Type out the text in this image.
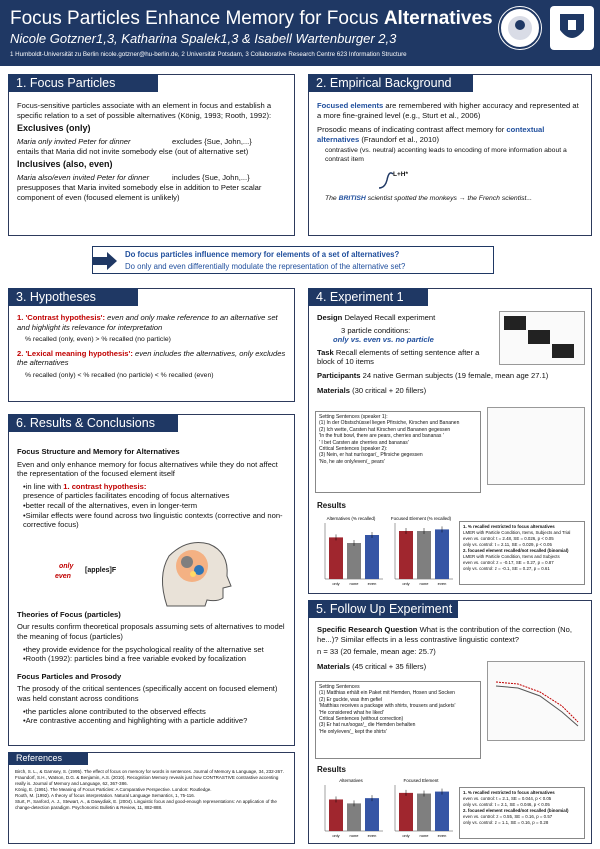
Focus Particles Enhance Memory for Focus Alternatives
Nicole Gotzner1,3, Katharina Spalek1,3 & Isabell Wartenburger 2,3
1 Humboldt-Universität zu Berlin nicole.gotzner@hu-berlin.de, 2 Universität Potsdam, 3 Collaborative Research Centre 623 Information Structure
1. Focus Particles

Focus-sensitive particles associate with an element in focus and establish a specific relation to a set of possible alternatives (König, 1993; Rooth, 1992):

Exclusives (only)

Maria only invited Peter for dinner	excludes {Sue, John,...}

entails that Maria did not invite somebody else (out of alternative set)

Inclusives (also, even)

Maria also/even invited Peter for dinner	includes {Sue, John,...}

presupposes that Maria invited somebody else in addition to Peter scalar component of even (focused element is unlikely)

2. Empirical Background

Focused elements are remembered with higher accuracy and represented at a more fine-grained level (e.g., Sturt et al., 2006)

Prosodic means of indicating contrast affect memory for contextual alternatives (Fraundorf et al., 2010)

contrastive (vs. neutral) accenting leads to encoding of more information about a contrast item

L+H*
The BRITISH scientist spotted the monkeys → the French scientist...
Do focus particles influence memory for elements of a set of alternatives?
Do only and even differentially modulate the representation of the alternative set?
3. Hypotheses

1. 'Contrast hypothesis': even and only make reference to an alternative set and highlight its relevance for interpretation

% recalled (only, even) > % recalled (no particle)

2. 'Lexical meaning hypothesis': even includes the alternatives, only excludes the alternatives

% recalled (only) < % recalled (no particle) < % recalled (even)

4. Experiment 1

Design Delayed Recall experiment

3 particle conditions:

only vs. even vs. no particle

Task Recall elements of setting sentence after a block of 10 items

Participants 24 native German subjects (19 female, mean age 27.1)

Materials (30 critical + 20 fillers)

Setting Sentences (speaker 1):
(1) In der Obstschüssel liegen Pfirsiche, Kirschen und Bananen
(2) Ich wette, Carsten hat Kirschen und Bananen gegessen
'In the fruit bowl, there are pears, cherries and bananas '
' I bet Carsten ate cherries and bananas'
Critical Sentences (speaker 2):
(3) Nein, er hat nur/sogar/_ Pfirsiche gegessen
'No, he ate only/even/_ pears'
Results
Alternatives (% recalled)
only none even
Focused Element (% recalled)
only none even
1. % recalled restricted to focus alternatives
LMER with Particle Condition, Items, Subjects and Trial
even vs. control: t = 2.48, SE = 0.026, p < 0.05
only vs. control: t = 2.11, SE = 0.029, p < 0.05
2. focused element recalled/not recalled (binomial)
LMER with Particle Condition, Items and Subjects
even vs. control: z = -0.17, SE = 0.27, p = 0.87
only vs. control: z = -0.1, SE = 0.27, p = 0.61
6. Results & Conclusions

Focus Structure and Memory for Alternatives

Even and only enhance memory for focus alternatives while they do not affect the representation of the focused element itself

• in line with 1. contrast hypothesis:
presence of particles facilitates encoding of focus alternatives
• better recall of the alternatives, even in longer-term
• Similar effects were found across two linguistic contexts (corrective and non-corrective focus)
only
even
[apples]F

Theories of Focus (particles)

Our results confirm theoretical proposals assuming sets of alternatives to model the meaning of focus (particles)

• they provide evidence for the psychological reality of the alternative set
• Rooth (1992): particles bind a free variable evoked by focalization

Focus Particles and Prosody

The prosody of the critical sentences (specifically accent on focused element) was held constant across conditions

• the particles alone contributed to the observed effects
• Are contrastive accenting and highlighting with a particle additive?
5. Follow Up Experiment

Specific Research Question What is the contribution of the correction (No, he...)? Similar effects in a less contrastive linguistic context?

n = 33 (20 female, mean age: 25.7)

Materials (45 critical + 35 fillers)

Setting Sentences
(1) Matthias erhält ein Paket mit Hemden, Hosen und Socken
(2) Er guckte, was ihm gefiel
'Matthias receives a package with shirts, trousers and jackets'
'He considered what he liked'
Critical Sentences (without correction)
(3) Er hat nur/sogar/_ die Hemden behalten
'He only/even/_ kept the shirts'
Results
Alternatives
only none even
Focused Element
only none even
1. % recalled restricted to focus alternatives
even vs. control: t = 2.1, SE = 0.044, p < 0.05
only vs. control: t = 2.1, SE = 0.046, p < 0.05
2. focused element recalled/not recalled (binomial)
even vs. control: z = 0.55, SE = 0.16, p = 0.57
only vs. control: z = 1.1, SE = 0.16, p = 0.28
References
Birch, S. L., & Garnsey, S. (1995). The effect of focus on memory for words in sentences. Journal of Memory & Language, 34, 232-267.
Fraundorf, S.H., Watson, D.G. & Benjamin, A.S. (2010). Recognition Memory reveals just how CONTRASTIVE contrastive accenting really is. Journal of Memory and Language, 62, 367-386.
König, E. (1991). The Meaning of Focus Particles: A Comparative Perspective. London: Routledge.
Rooth, M. (1992). A theory of focus interpretation. Natural Language Semantics, 1, 75-116.
Sturt, P., Sanford, A. J., Stewart, A., & Dawydiak, E. (2004). Linguistic focus and good-enough representations: An application of the change-detection paradigm. Psychonomic Bulletin & Review, 11, 882-888.
